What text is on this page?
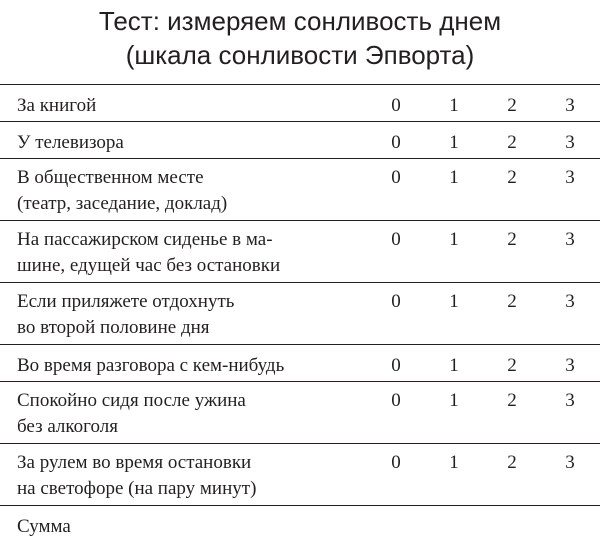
Тест: измеряем сонливость днем
(шкала сонливости Эпворта)
За книгой	0	1	2	3
У телевизора	0	1	2	3
В общественном месте
(театр, заседание, доклад)
0	1	2	3
На пассажирском сиденье в ма-
шине, едущей час без остановки
0	1	2	3
Если приляжете отдохнуть
во второй половине дня
0	1	2	3
Во время разговора с кем-нибудь	0	1	2	3
Спокойно сидя после ужина
без алкоголя
0	1	2	3
За рулем во время остановки
на светофоре (на пару минут)
0	1	2	3
Сумма
